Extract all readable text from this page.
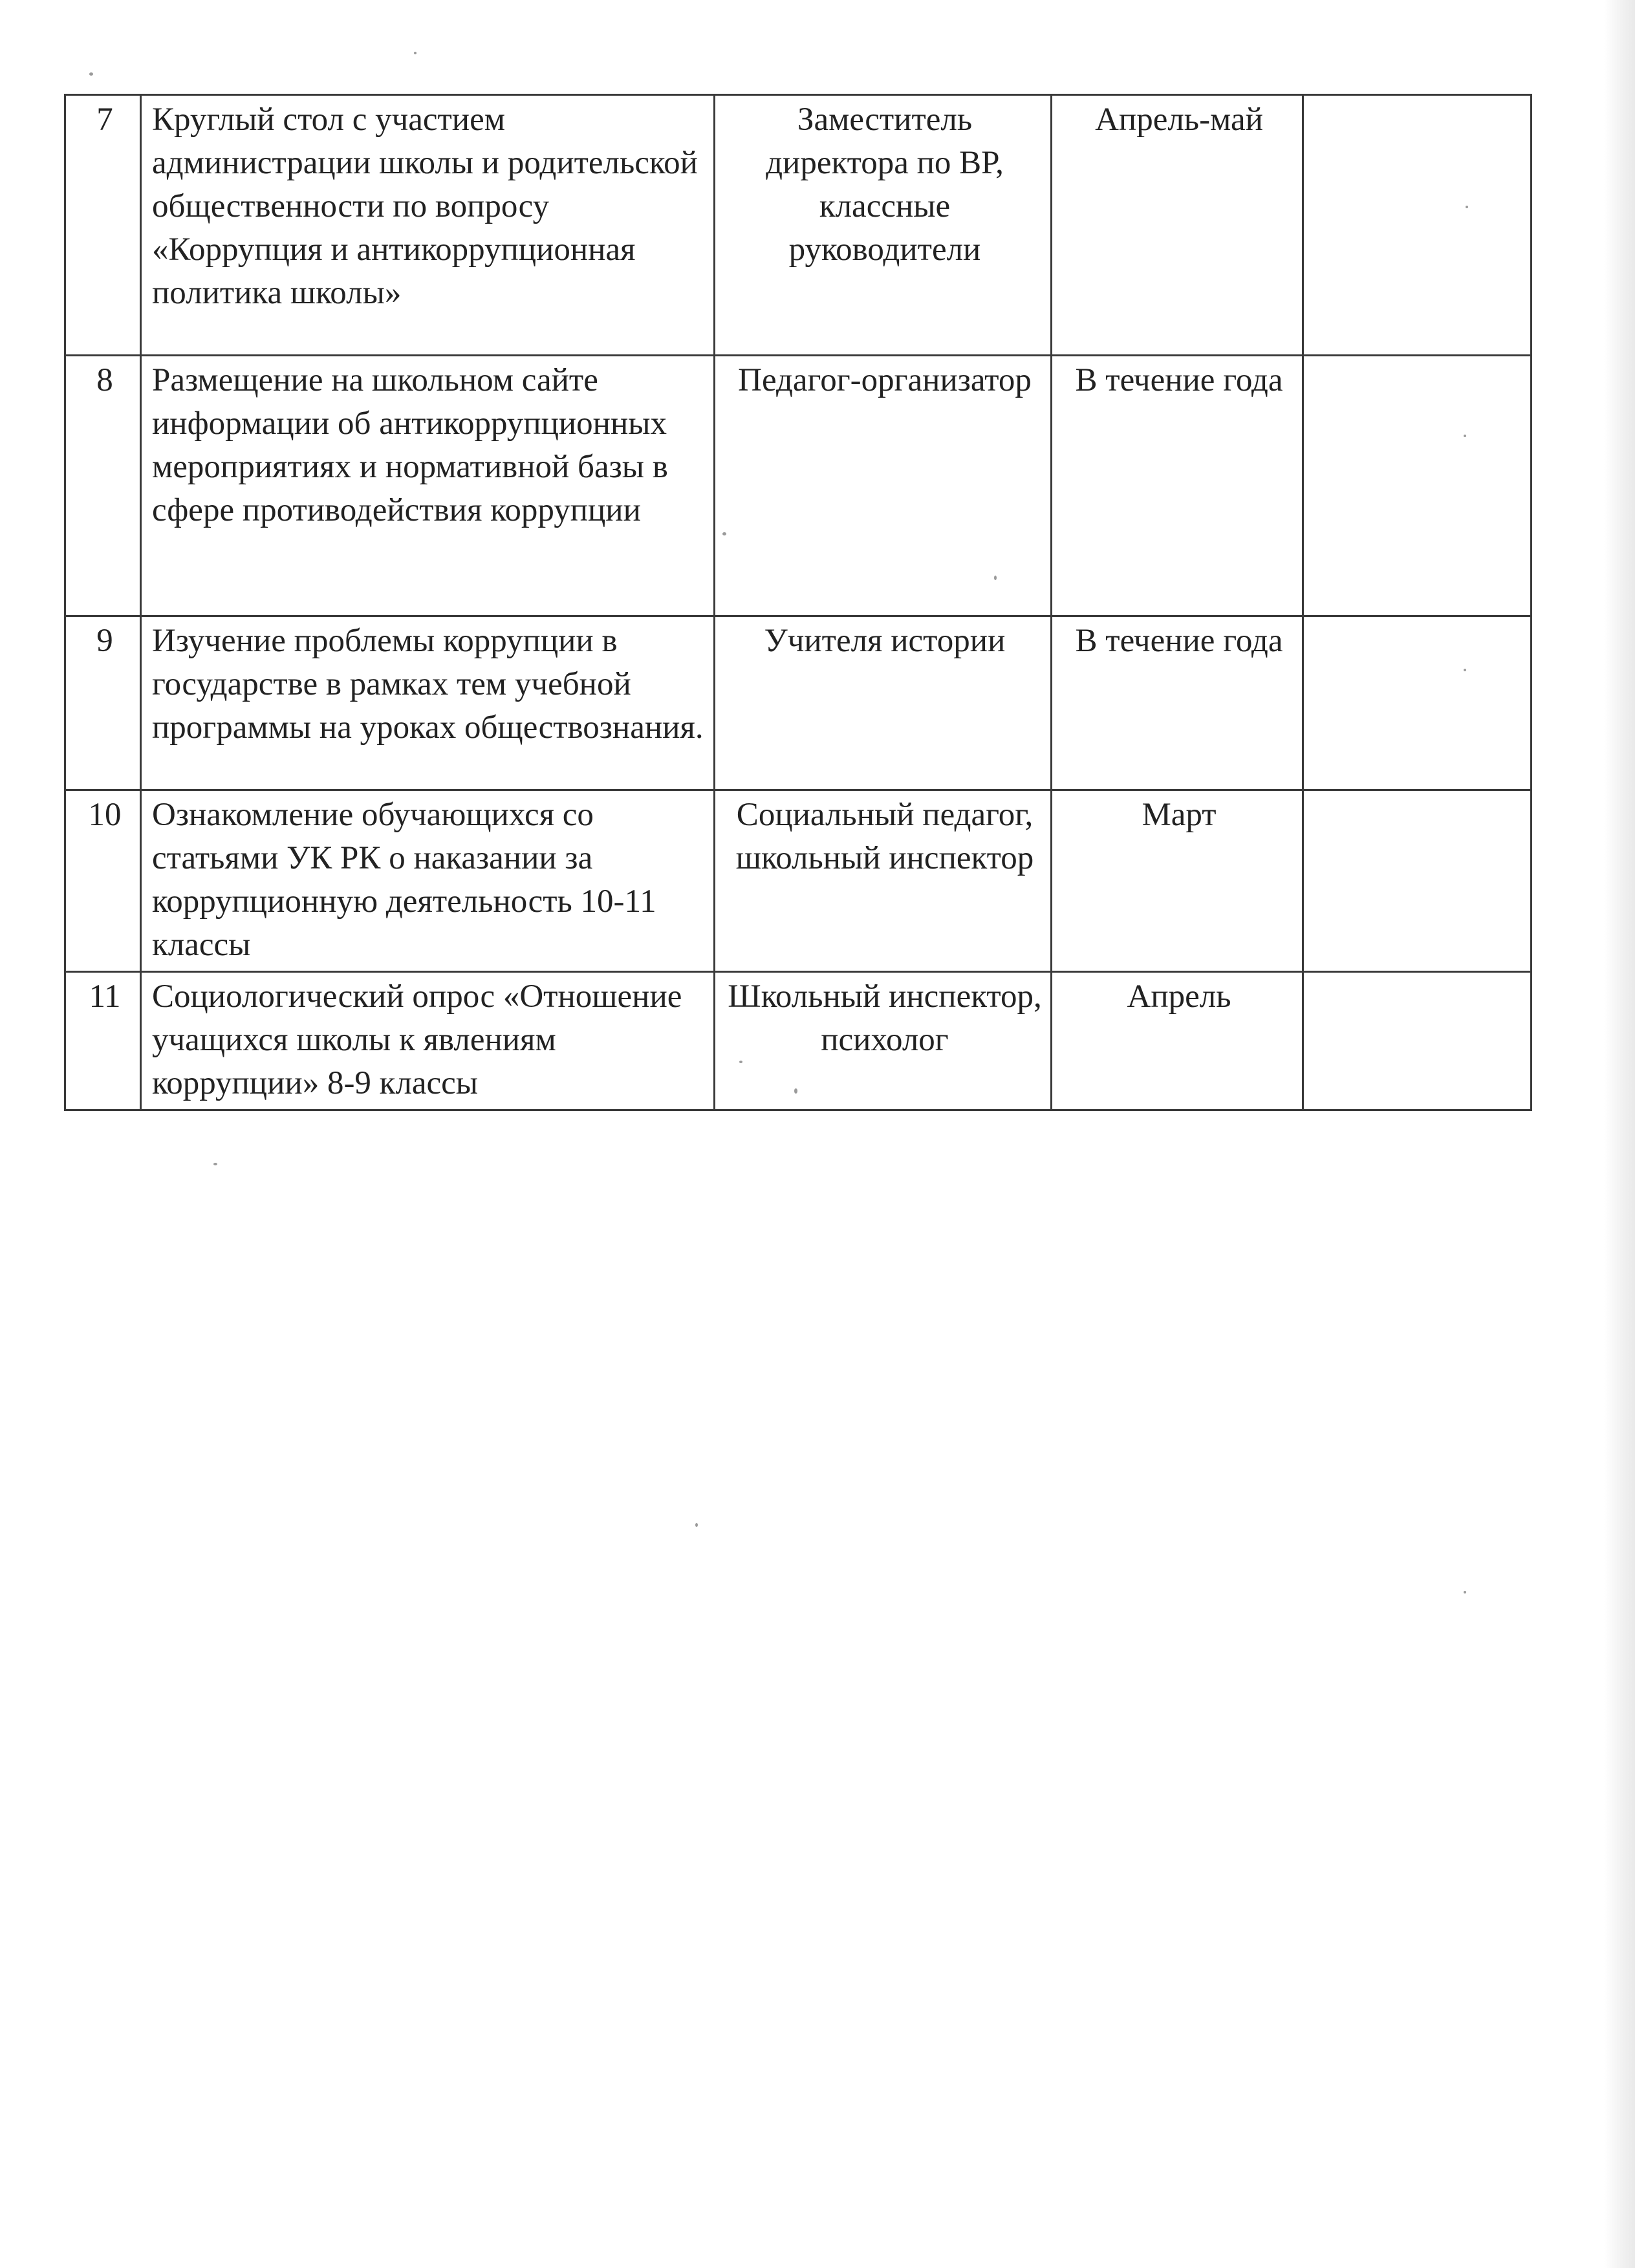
7	Круглый стол с участием администрации школы и родительской общественности по вопросу «Коррупция и антикоррупционная политика школы»	Заместитель директора по ВР, классные руководители	Апрель-май	
8	Размещение на школьном сайте информации об антикоррупционных мероприятиях и нормативной базы в сфере противодействия коррупции	Педагог-организатор	В течение года	
9	Изучение проблемы коррупции в государстве в рамках тем учебной программы на уроках обществознания.	Учителя истории	В течение года	
10	Ознакомление обучающихся со статьями УК РК о наказании за коррупционную деятельность 10-11 классы	Социальный педагог, школьный инспектор	Март	
11	Социологический опрос «Отношение учащихся школы к явлениям коррупции» 8-9 классы	Школьный инспектор, психолог	Апрель	
